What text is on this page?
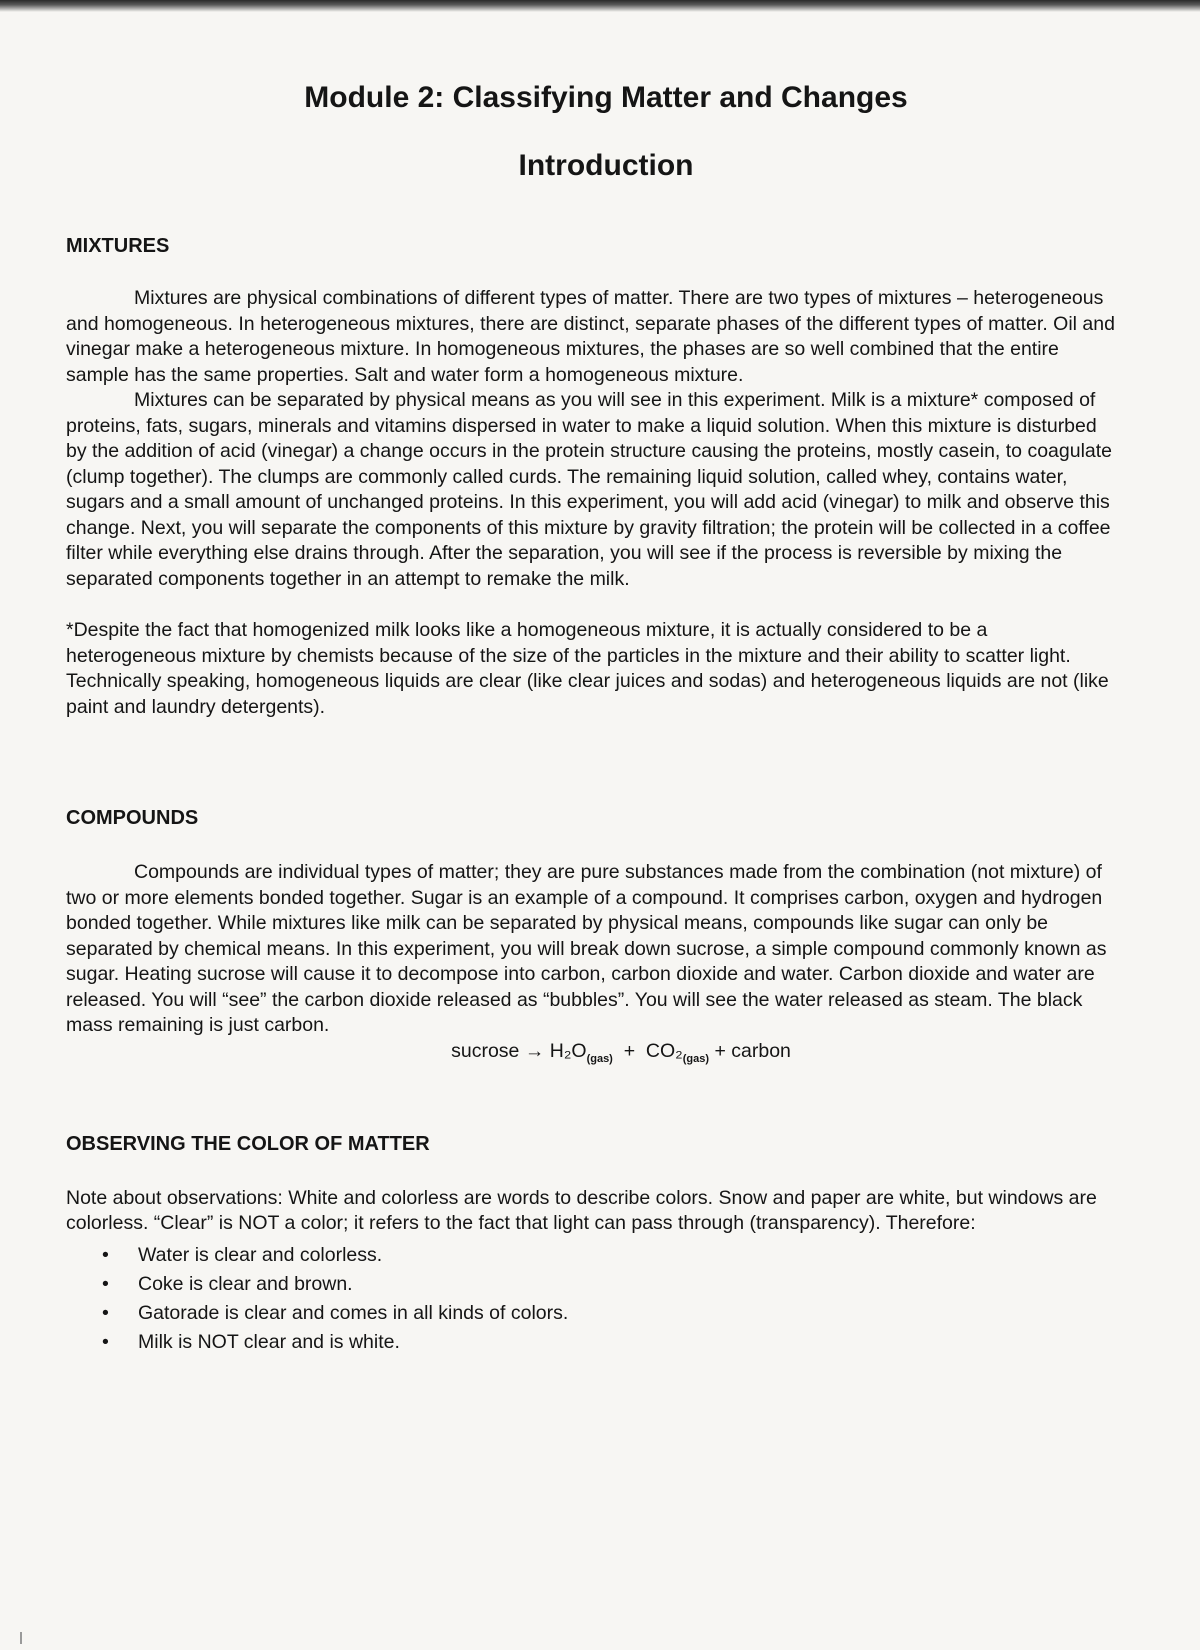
Module 2: Classifying Matter and Changes
Introduction
MIXTURES

Mixtures are physical combinations of different types of matter. There are two types of mixtures – heterogeneous and homogeneous. In heterogeneous mixtures, there are distinct, separate phases of the different types of matter. Oil and vinegar make a heterogeneous mixture. In homogeneous mixtures, the phases are so well combined that the entire sample has the same properties. Salt and water form a homogeneous mixture.

Mixtures can be separated by physical means as you will see in this experiment. Milk is a mixture* composed of proteins, fats, sugars, minerals and vitamins dispersed in water to make a liquid solution. When this mixture is disturbed by the addition of acid (vinegar) a change occurs in the protein structure causing the proteins, mostly casein, to coagulate (clump together). The clumps are commonly called curds. The remaining liquid solution, called whey, contains water, sugars and a small amount of unchanged proteins. In this experiment, you will add acid (vinegar) to milk and observe this change. Next, you will separate the components of this mixture by gravity filtration; the protein will be collected in a coffee filter while everything else drains through. After the separation, you will see if the process is reversible by mixing the separated components together in an attempt to remake the milk.

*Despite the fact that homogenized milk looks like a homogeneous mixture, it is actually considered to be a heterogeneous mixture by chemists because of the size of the particles in the mixture and their ability to scatter light. Technically speaking, homogeneous liquids are clear (like clear juices and sodas) and heterogeneous liquids are not (like paint and laundry detergents).

COMPOUNDS

Compounds are individual types of matter; they are pure substances made from the combination (not mixture) of two or more elements bonded together. Sugar is an example of a compound. It comprises carbon, oxygen and hydrogen bonded together. While mixtures like milk can be separated by physical means, compounds like sugar can only be separated by chemical means. In this experiment, you will break down sucrose, a simple compound commonly known as sugar. Heating sucrose will cause it to decompose into carbon, carbon dioxide and water. Carbon dioxide and water are released. You will “see” the carbon dioxide released as “bubbles”. You will see the water released as steam. The black mass remaining is just carbon.

sucrose → $H_2O_{(gas)} + CO_2_{(gas)}$ + carbon

OBSERVING THE COLOR OF MATTER

Note about observations: White and colorless are words to describe colors. Snow and paper are white, but windows are colorless. “Clear” is NOT a color; it refers to the fact that light can pass through (transparency). Therefore:

• Water is clear and colorless.
• Coke is clear and brown.
• Gatorade is clear and comes in all kinds of colors.
• Milk is NOT clear and is white.
